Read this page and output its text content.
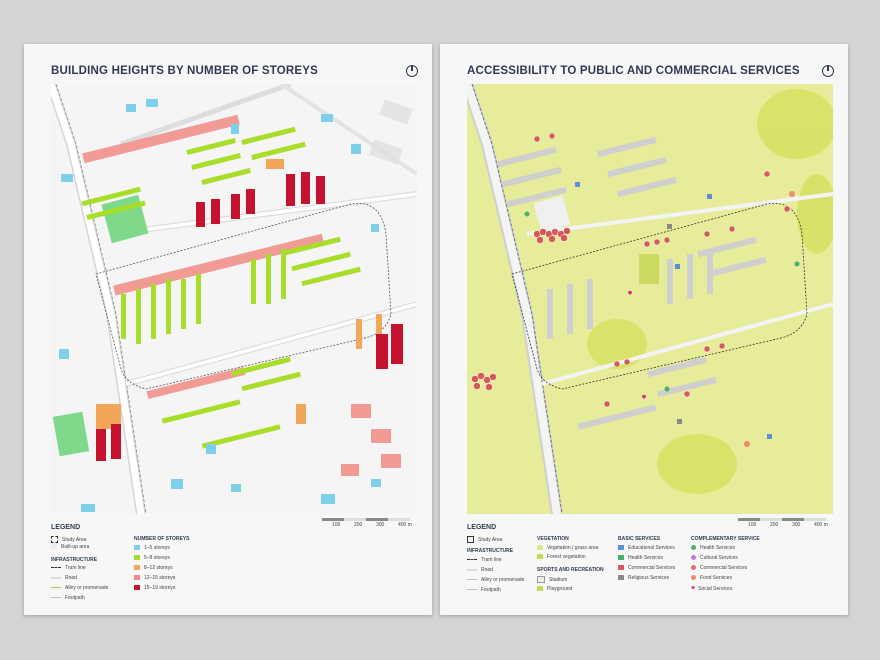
BUILDING HEIGHTS BY NUMBER OF STOREYS
100	200	300	400 m
LEGEND
Study Area
Built-up area
INFRASTRUCTURE
Tram line
Road
Alley or promenade
Footpath
NUMBER OF STOREYS
1–5 storeys
5–8 storeys
8–12 storeys
12–15 storeys
15–19 storeys
ACCESSIBILITY TO PUBLIC AND COMMERCIAL SERVICES
100	200	300	400 m
LEGEND
Study Area
INFRASTRUCTURE
Tram line
Road
Alley or promenade
Footpath
VEGETATION
Vegetation / grass area
Forest vegetation
SPORTS AND RECREATION
Stadium
Playground
BASIC SERVICES
Educational Services
Health Services
Commercial Services
Religious Services
COMPLEMENTARY SERVICE
Health Services
Cultural Services
Commercial Services
Food Services
♥ Social Services
